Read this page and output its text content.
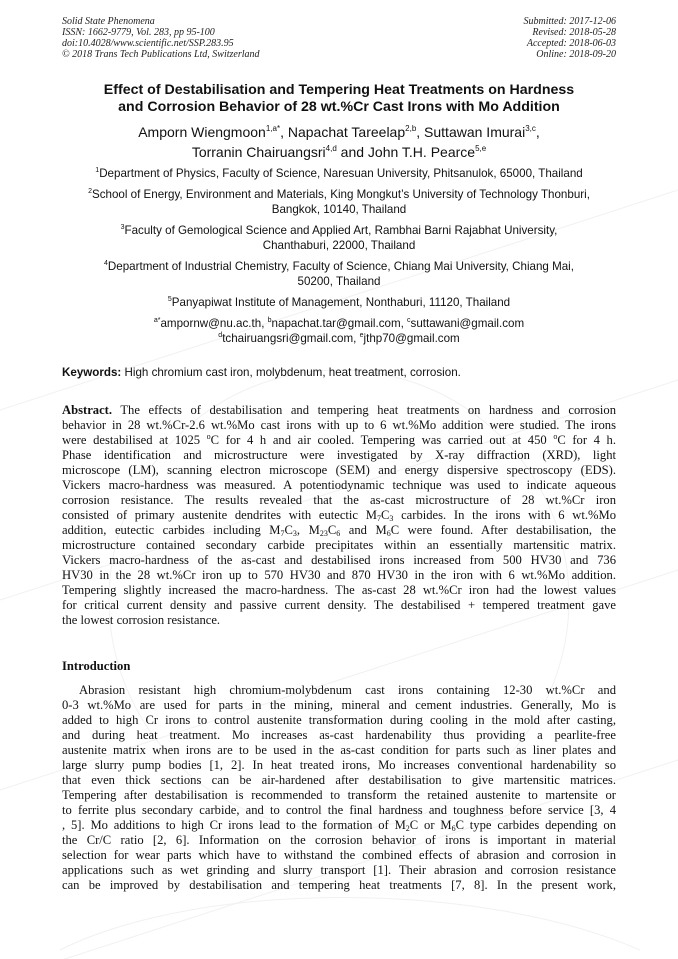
Solid State Phenomena
ISSN: 1662-9779, Vol. 283, pp 95-100
doi:10.4028/www.scientific.net/SSP.283.95
© 2018 Trans Tech Publications Ltd, Switzerland
Submitted: 2017-12-06
Revised: 2018-05-28
Accepted: 2018-06-03
Online: 2018-09-20
Effect of Destabilisation and Tempering Heat Treatments on Hardness
and Corrosion Behavior of 28 wt.%Cr Cast Irons with Mo Addition
Amporn Wiengmoon$^{1,a*}$, Napachat Tareelap$^{2,b}$, Suttawan Imurai$^{3,c}$,
Torranin Chairuangsri$^{4,d}$ and John T.H. Pearce$^{5,e}$
$^1$Department of Physics, Faculty of Science, Naresuan University, Phitsanulok, 65000, Thailand
$^2$School of Energy, Environment and Materials, King Mongkut’s University of Technology Thonburi,
Bangkok, 10140, Thailand
$^3$Faculty of Gemological Science and Applied Art, Rambhai Barni Rajabhat University,
Chanthaburi, 22000, Thailand
$^4$Department of Industrial Chemistry, Faculty of Science, Chiang Mai University, Chiang Mai,
50200, Thailand
$^5$Panyapiwat Institute of Management, Nonthaburi, 11120, Thailand
$^{a*}$ampornw@nu.ac.th, $^b$napachat.tar@gmail.com, $^c$suttawani@gmail.com
$^d$tchairuangsri@gmail.com, $^e$jthp70@gmail.com
Keywords: High chromium cast iron, molybdenum, heat treatment, corrosion.
Abstract. The effects of destabilisation and tempering heat treatments on hardness and corrosion
behavior in 28 wt.%Cr-2.6 wt.%Mo cast irons with up to 6 wt.%Mo addition were studied. The irons
were destabilised at 1025 $^o$C for 4 h and air cooled. Tempering was carried out at 450 $^o$C for 4 h.
Phase identification and microstructure were investigated by X-ray diffraction (XRD), light
microscope (LM), scanning electron microscope (SEM) and energy dispersive spectroscopy (EDS).
Vickers macro-hardness was measured. A potentiodynamic technique was used to indicate aqueous
corrosion resistance. The results revealed that the as-cast microstructure of 28 wt.%Cr iron
consisted of primary austenite dendrites with eutectic $M_7C_3$ carbides. In the irons with 6 wt.%Mo
addition, eutectic carbides including $M_7C_3$, $M_{23}C_6$ and $M_6C$ were found. After destabilisation, the
microstructure contained secondary carbide precipitates within an essentially martensitic matrix.
Vickers macro-hardness of the as-cast and destabilised irons increased from 500 HV30 and 736
HV30 in the 28 wt.%Cr iron up to 570 HV30 and 870 HV30 in the iron with 6 wt.%Mo addition.
Tempering slightly increased the macro-hardness. The as-cast 28 wt.%Cr iron had the lowest values
for critical current density and passive current density. The destabilised + tempered treatment gave
the lowest corrosion resistance.
Introduction
Abrasion resistant high chromium-molybdenum cast irons containing 12-30 wt.%Cr and
0-3 wt.%Mo are used for parts in the mining, mineral and cement industries. Generally, Mo is
added to high Cr irons to control austenite transformation during cooling in the mold after casting,
and during heat treatment. Mo increases as-cast hardenability thus providing a pearlite-free
austenite matrix when irons are to be used in the as-cast condition for parts such as liner plates and
large slurry pump bodies [1, 2]. In heat treated irons, Mo increases conventional hardenability so
that even thick sections can be air-hardened after destabilisation to give martensitic matrices.
Tempering after destabilisation is recommended to transform the retained austenite to martensite or
to ferrite plus secondary carbide, and to control the final hardness and toughness before service [3, 4
, 5]. Mo additions to high Cr irons lead to the formation of $M_2C$ or $M_6C$ type carbides depending on
the Cr/C ratio [2, 6]. Information on the corrosion behavior of irons is important in material
selection for wear parts which have to withstand the combined effects of abrasion and corrosion in
applications such as wet grinding and slurry transport [1]. Their abrasion and corrosion resistance
can be improved by destabilisation and tempering heat treatments [7, 8]. In the present work,
